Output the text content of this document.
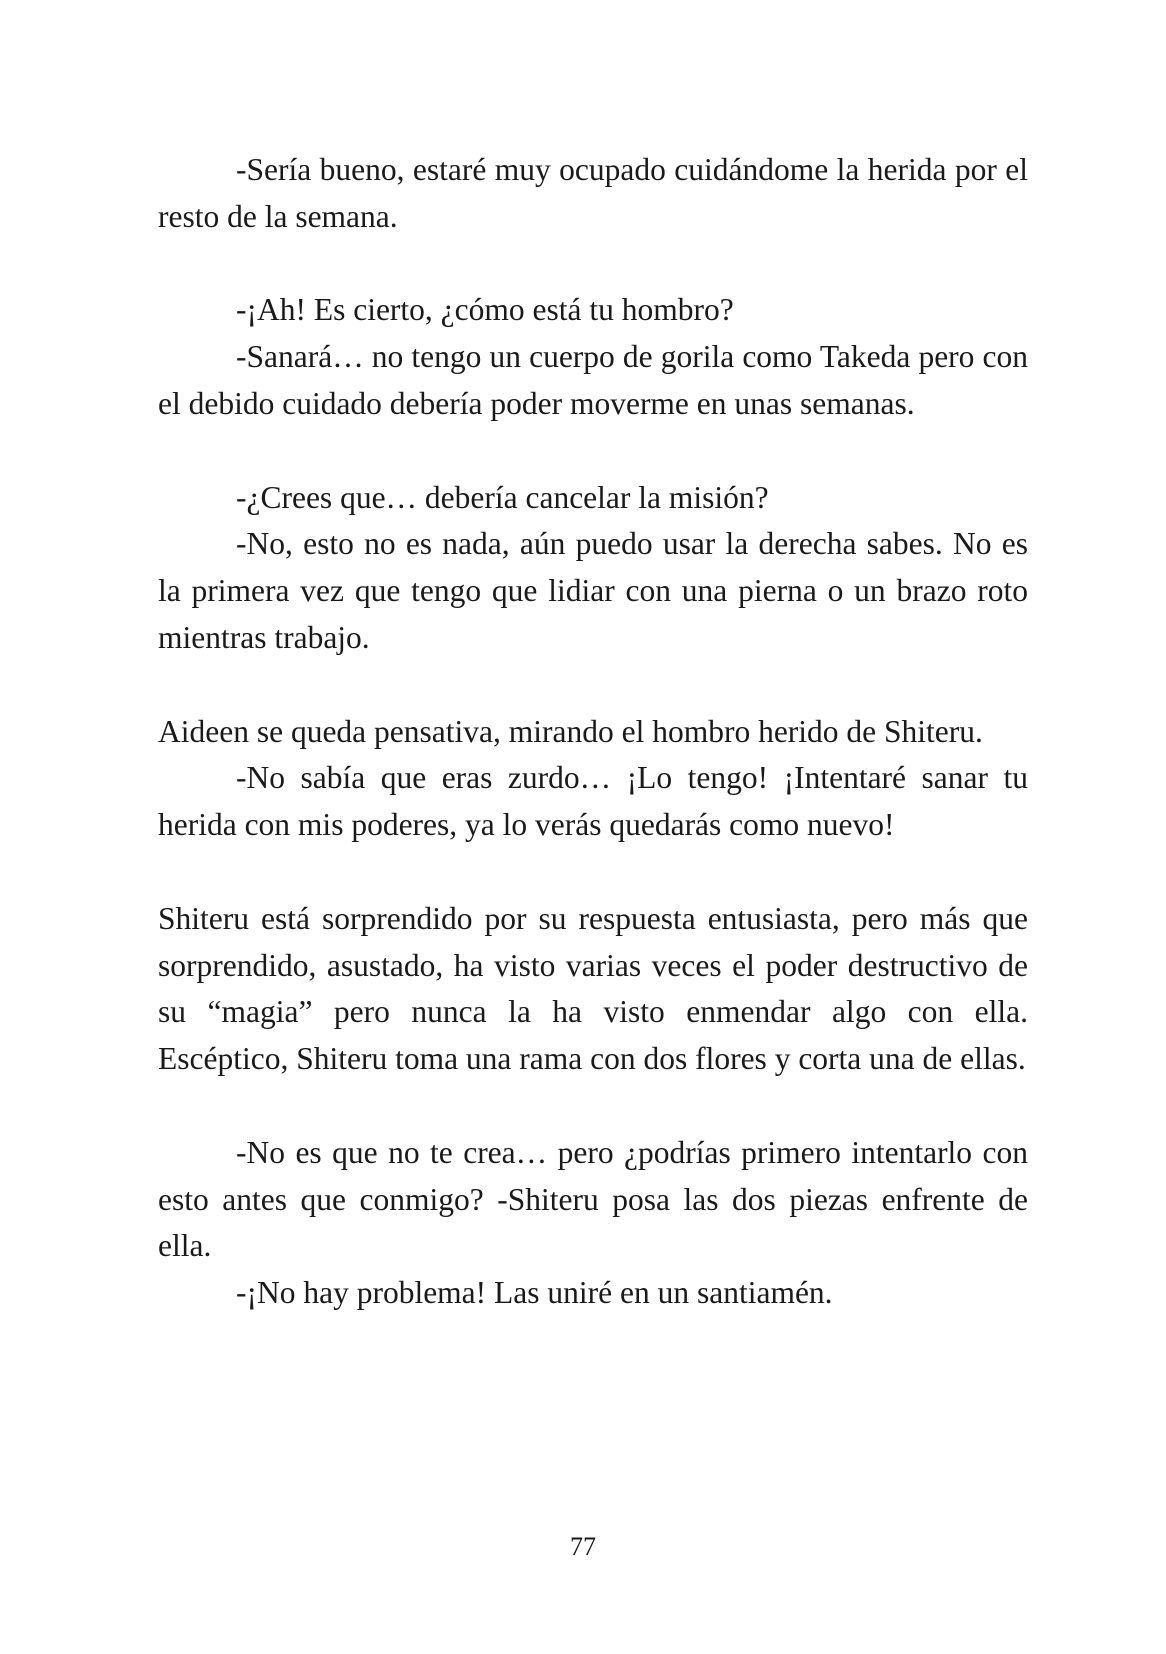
-Sería bueno, estaré muy ocupado cuidándome la herida por el resto de la semana.

-¡Ah! Es cierto, ¿cómo está tu hombro?

-Sanará… no tengo un cuerpo de gorila como Takeda pero con el debido cuidado debería poder moverme en unas semanas.

-¿Crees que… debería cancelar la misión?

-No, esto no es nada, aún puedo usar la derecha sabes. No es la primera vez que tengo que lidiar con una pierna o un brazo roto mientras trabajo.

Aideen se queda pensativa, mirando el hombro herido de Shiteru.

-No sabía que eras zurdo… ¡Lo tengo! ¡Intentaré sanar tu herida con mis poderes, ya lo verás quedarás como nuevo!

Shiteru está sorprendido por su respuesta entusiasta, pero más que sorprendido, asustado, ha visto varias veces el poder destructivo de su “magia” pero nunca la ha visto enmendar algo con ella. Escéptico, Shiteru toma una rama con dos flores y corta una de ellas.

-No es que no te crea… pero ¿podrías primero intentarlo con esto antes que conmigo? -Shiteru posa las dos piezas enfrente de ella.

-¡No hay problema! Las uniré en un santiamén.

77
